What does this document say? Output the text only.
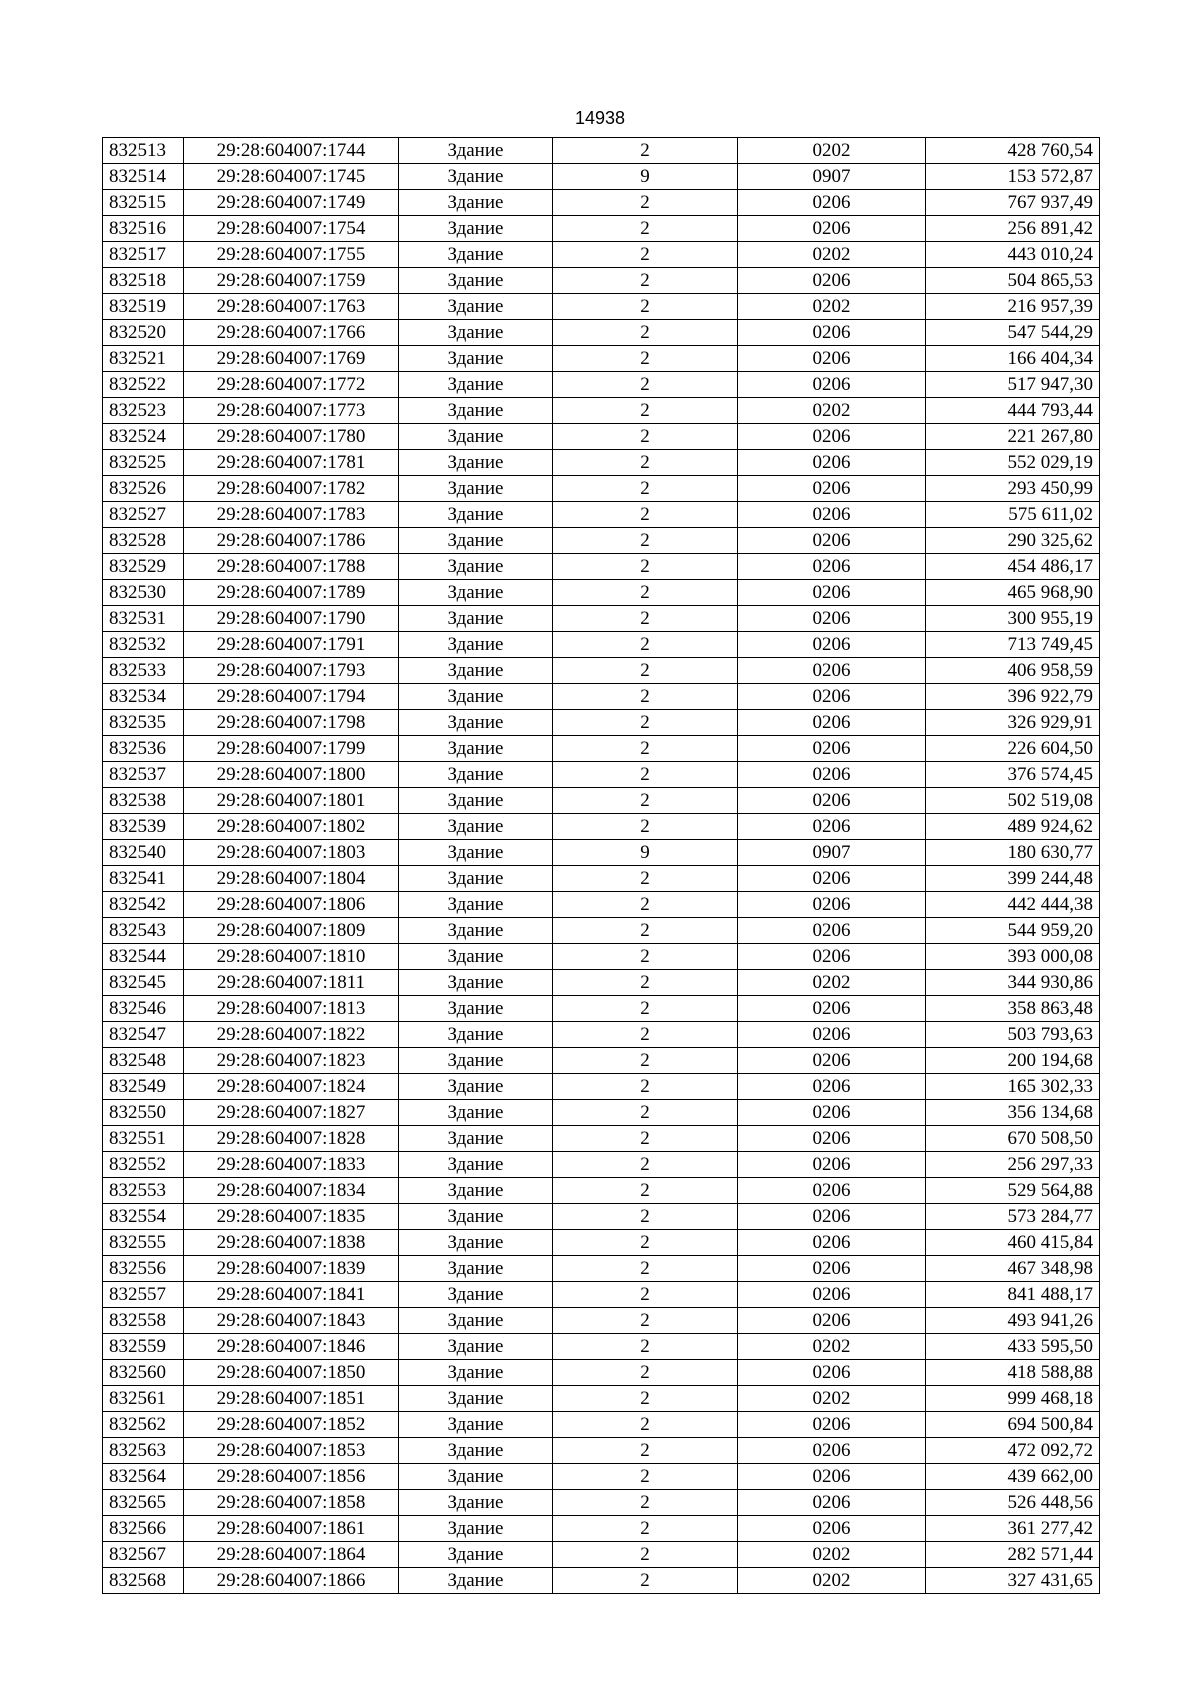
14938
832513	29:28:604007:1744	Здание	2	0202	428 760,54
832514	29:28:604007:1745	Здание	9	0907	153 572,87
832515	29:28:604007:1749	Здание	2	0206	767 937,49
832516	29:28:604007:1754	Здание	2	0206	256 891,42
832517	29:28:604007:1755	Здание	2	0202	443 010,24
832518	29:28:604007:1759	Здание	2	0206	504 865,53
832519	29:28:604007:1763	Здание	2	0202	216 957,39
832520	29:28:604007:1766	Здание	2	0206	547 544,29
832521	29:28:604007:1769	Здание	2	0206	166 404,34
832522	29:28:604007:1772	Здание	2	0206	517 947,30
832523	29:28:604007:1773	Здание	2	0202	444 793,44
832524	29:28:604007:1780	Здание	2	0206	221 267,80
832525	29:28:604007:1781	Здание	2	0206	552 029,19
832526	29:28:604007:1782	Здание	2	0206	293 450,99
832527	29:28:604007:1783	Здание	2	0206	575 611,02
832528	29:28:604007:1786	Здание	2	0206	290 325,62
832529	29:28:604007:1788	Здание	2	0206	454 486,17
832530	29:28:604007:1789	Здание	2	0206	465 968,90
832531	29:28:604007:1790	Здание	2	0206	300 955,19
832532	29:28:604007:1791	Здание	2	0206	713 749,45
832533	29:28:604007:1793	Здание	2	0206	406 958,59
832534	29:28:604007:1794	Здание	2	0206	396 922,79
832535	29:28:604007:1798	Здание	2	0206	326 929,91
832536	29:28:604007:1799	Здание	2	0206	226 604,50
832537	29:28:604007:1800	Здание	2	0206	376 574,45
832538	29:28:604007:1801	Здание	2	0206	502 519,08
832539	29:28:604007:1802	Здание	2	0206	489 924,62
832540	29:28:604007:1803	Здание	9	0907	180 630,77
832541	29:28:604007:1804	Здание	2	0206	399 244,48
832542	29:28:604007:1806	Здание	2	0206	442 444,38
832543	29:28:604007:1809	Здание	2	0206	544 959,20
832544	29:28:604007:1810	Здание	2	0206	393 000,08
832545	29:28:604007:1811	Здание	2	0202	344 930,86
832546	29:28:604007:1813	Здание	2	0206	358 863,48
832547	29:28:604007:1822	Здание	2	0206	503 793,63
832548	29:28:604007:1823	Здание	2	0206	200 194,68
832549	29:28:604007:1824	Здание	2	0206	165 302,33
832550	29:28:604007:1827	Здание	2	0206	356 134,68
832551	29:28:604007:1828	Здание	2	0206	670 508,50
832552	29:28:604007:1833	Здание	2	0206	256 297,33
832553	29:28:604007:1834	Здание	2	0206	529 564,88
832554	29:28:604007:1835	Здание	2	0206	573 284,77
832555	29:28:604007:1838	Здание	2	0206	460 415,84
832556	29:28:604007:1839	Здание	2	0206	467 348,98
832557	29:28:604007:1841	Здание	2	0206	841 488,17
832558	29:28:604007:1843	Здание	2	0206	493 941,26
832559	29:28:604007:1846	Здание	2	0202	433 595,50
832560	29:28:604007:1850	Здание	2	0206	418 588,88
832561	29:28:604007:1851	Здание	2	0202	999 468,18
832562	29:28:604007:1852	Здание	2	0206	694 500,84
832563	29:28:604007:1853	Здание	2	0206	472 092,72
832564	29:28:604007:1856	Здание	2	0206	439 662,00
832565	29:28:604007:1858	Здание	2	0206	526 448,56
832566	29:28:604007:1861	Здание	2	0206	361 277,42
832567	29:28:604007:1864	Здание	2	0202	282 571,44
832568	29:28:604007:1866	Здание	2	0202	327 431,65
